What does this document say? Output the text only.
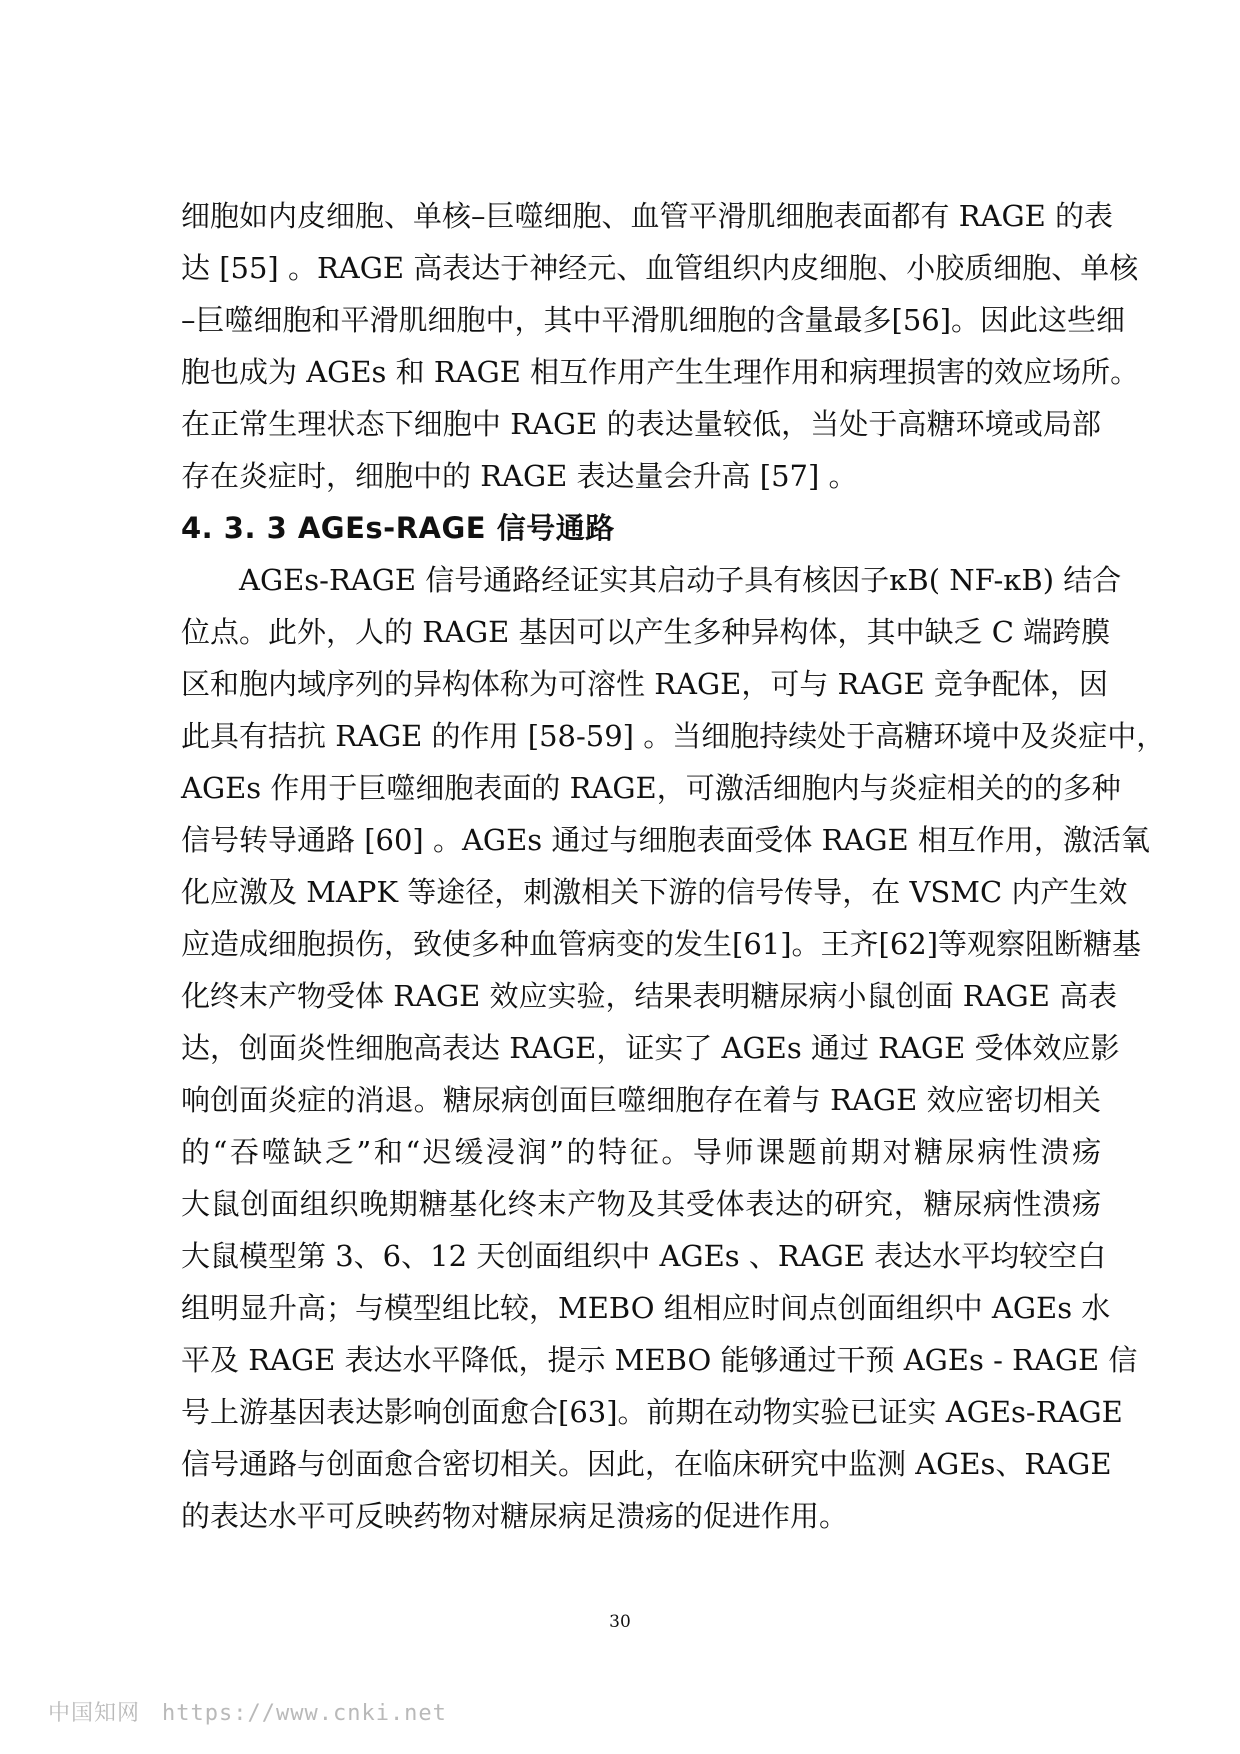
细胞如内皮细胞、单核–巨噬细胞、血管平滑肌细胞表面都有 RAGE 的表
达 [55] 。RAGE 高表达于神经元、血管组织内皮细胞、小胶质细胞、单核
–巨噬细胞和平滑肌细胞中，其中平滑肌细胞的含量最多[56]。因此这些细
胞也成为 AGEs 和 RAGE 相互作用产生生理作用和病理损害的效应场所。
在正常生理状态下细胞中 RAGE 的表达量较低，当处于高糖环境或局部
存在炎症时，细胞中的 RAGE 表达量会升高 [57] 。
4. 3. 3 AGEs-RAGE 信号通路
AGEs-RAGE 信号通路经证实其启动子具有核因子κB( NF-κB) 结合
位点。此外，人的 RAGE 基因可以产生多种异构体，其中缺乏 C 端跨膜
区和胞内域序列的异构体称为可溶性 RAGE，可与 RAGE 竞争配体，因
此具有拮抗 RAGE 的作用 [58-59] 。当细胞持续处于高糖环境中及炎症中，
AGEs 作用于巨噬细胞表面的 RAGE，可激活细胞内与炎症相关的的多种
信号转导通路 [60] 。AGEs 通过与细胞表面受体 RAGE 相互作用，激活氧
化应激及 MAPK 等途径，刺激相关下游的信号传导，在 VSMC 内产生效
应造成细胞损伤，致使多种血管病变的发生[61]。王齐[62]等观察阻断糖基
化终末产物受体 RAGE 效应实验，结果表明糖尿病小鼠创面 RAGE 高表
达，创面炎性细胞高表达 RAGE，证实了 AGEs 通过 RAGE 受体效应影
响创面炎症的消退。糖尿病创面巨噬细胞存在着与 RAGE 效应密切相关
的“吞噬缺乏”和“迟缓浸润”的特征。导师课题前期对糖尿病性溃疡
大鼠创面组织晚期糖基化终末产物及其受体表达的研究，糖尿病性溃疡
大鼠模型第 3、6、12 天创面组织中 AGEs 、RAGE 表达水平均较空白
组明显升高；与模型组比较，MEBO 组相应时间点创面组织中 AGEs 水
平及 RAGE 表达水平降低，提示 MEBO 能够通过干预 AGEs - RAGE 信
号上游基因表达影响创面愈合[63]。前期在动物实验已证实 AGEs-RAGE
信号通路与创面愈合密切相关。因此，在临床研究中监测 AGEs、RAGE
的表达水平可反映药物对糖尿病足溃疡的促进作用。
30
中国知网 https://www.cnki.net
